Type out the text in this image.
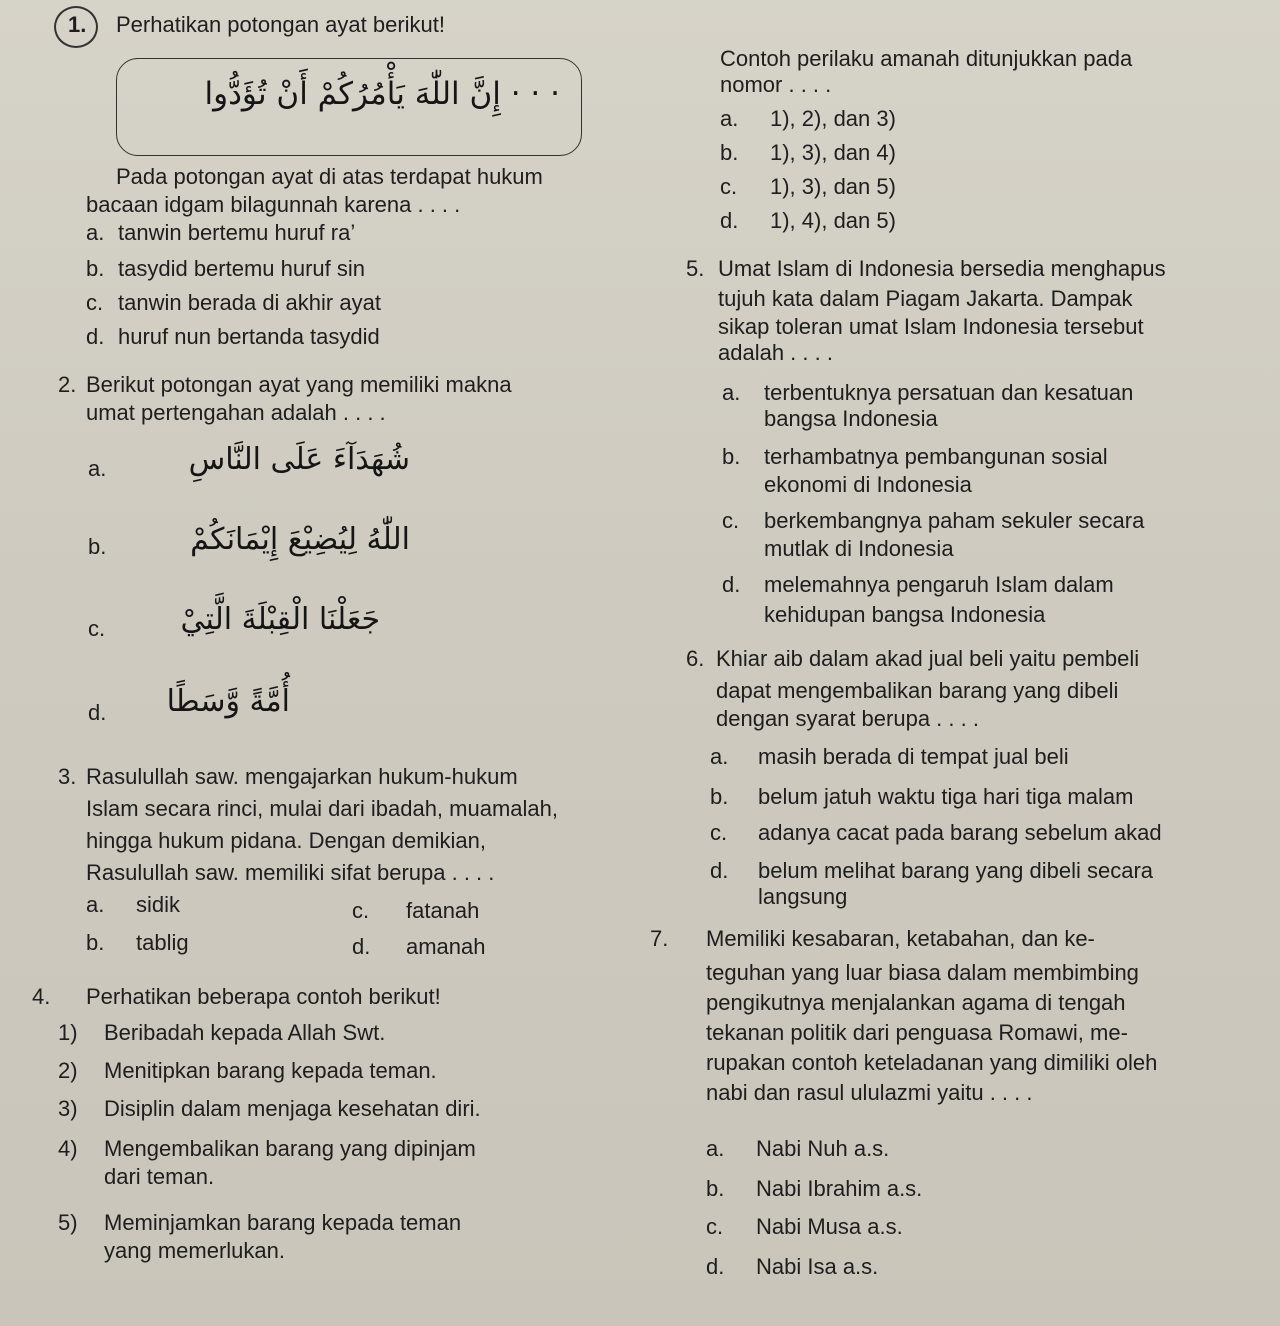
1. Perhatikan potongan ayat berikut!
· · · إِنَّ اللّٰهَ يَأْمُرُكُمْ أَنْ تُؤَدُّوا
Pada potongan ayat di atas terdapat hukum
bacaan idgam bilagunnah karena . . . .
a. tanwin bertemu huruf ra’
b. tasydid bertemu huruf sin
c. tanwin berada di akhir ayat
d. huruf nun bertanda tasydid
2. Berikut potongan ayat yang memiliki makna
umat pertengahan adalah . . . .
a.	شُهَدَآءَ عَلَى النَّاسِ
b.	اللّٰهُ لِيُضِيْعَ إِيْمَانَكُمْ
c.	جَعَلْنَا الْقِبْلَةَ الَّتِيْ
d.	أُمَّةً وَّسَطًا
3. Rasulullah saw. mengajarkan hukum-hukum
Islam secara rinci, mulai dari ibadah, muamalah,
hingga hukum pidana. Dengan demikian,
Rasulullah saw. memiliki sifat berupa . . . .
a. sidik	c. fatanah
b. tablig	d. amanah
4. Perhatikan beberapa contoh berikut!
1) Beribadah kepada Allah Swt.
2) Menitipkan barang kepada teman.
3) Disiplin dalam menjaga kesehatan diri.
4) Mengembalikan barang yang dipinjam
dari teman.
5) Meminjamkan barang kepada teman
yang memerlukan.
Contoh perilaku amanah ditunjukkan pada
nomor . . . .
a. 1), 2), dan 3)
b. 1), 3), dan 4)
c. 1), 3), dan 5)
d. 1), 4), dan 5)
5. Umat Islam di Indonesia bersedia menghapus
tujuh kata dalam Piagam Jakarta. Dampak
sikap toleran umat Islam Indonesia tersebut
adalah . . . .
a. terbentuknya persatuan dan kesatuan
bangsa Indonesia
b. terhambatnya pembangunan sosial
ekonomi di Indonesia
c. berkembangnya paham sekuler secara
mutlak di Indonesia
d. melemahnya pengaruh Islam dalam
kehidupan bangsa Indonesia
6. Khiar aib dalam akad jual beli yaitu pembeli
dapat mengembalikan barang yang dibeli
dengan syarat berupa . . . .
a. masih berada di tempat jual beli
b. belum jatuh waktu tiga hari tiga malam
c. adanya cacat pada barang sebelum akad
d. belum melihat barang yang dibeli secara
langsung
7. Memiliki kesabaran, ketabahan, dan ke-
teguhan yang luar biasa dalam membimbing
pengikutnya menjalankan agama di tengah
tekanan politik dari penguasa Romawi, me-
rupakan contoh keteladanan yang dimiliki oleh
nabi dan rasul ululazmi yaitu . . . .
a. Nabi Nuh a.s.
b. Nabi Ibrahim a.s.
c. Nabi Musa a.s.
d. Nabi Isa a.s.
